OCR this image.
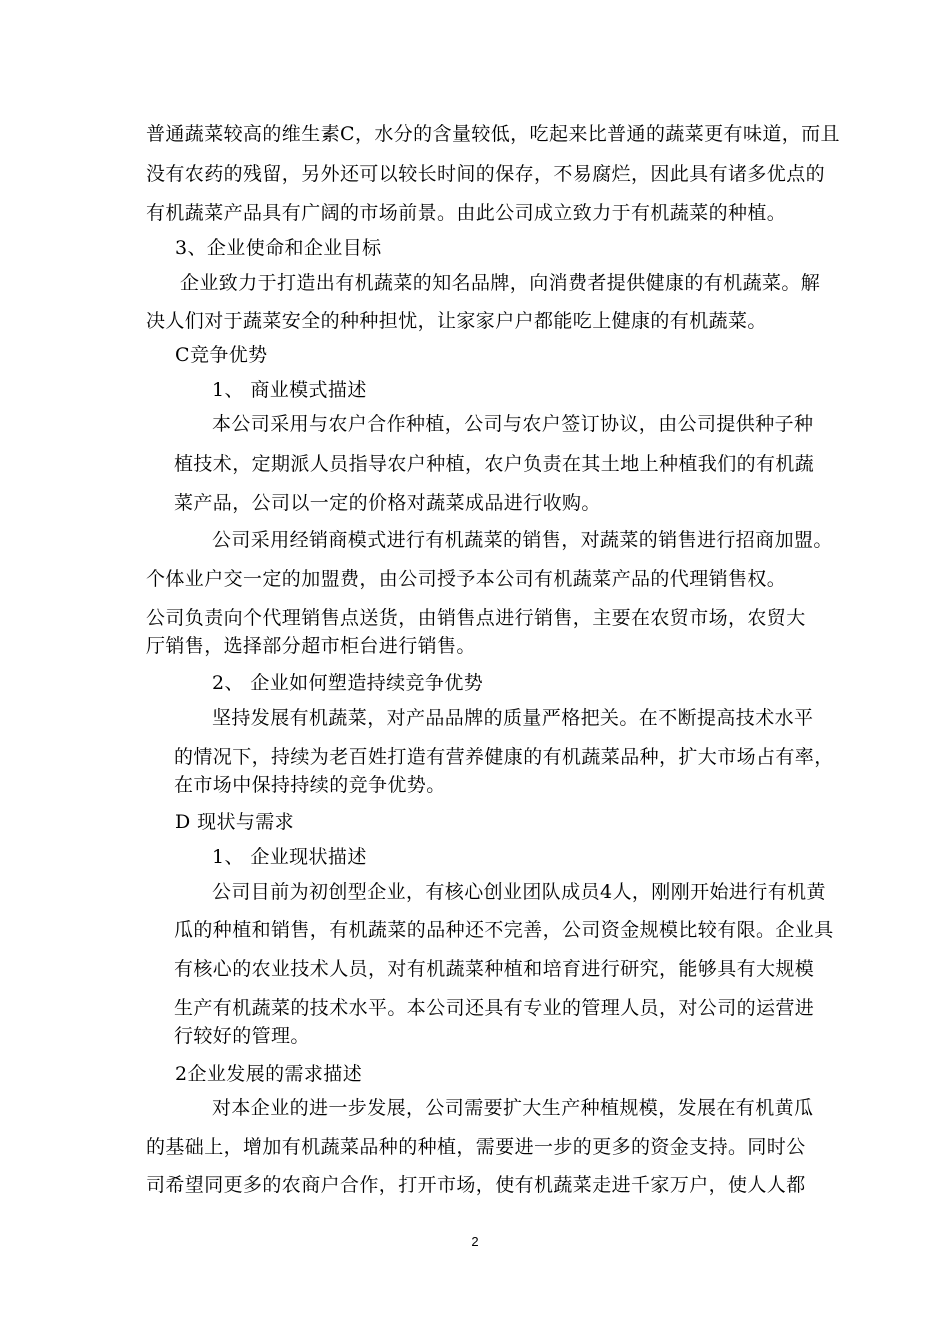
普通蔬菜较高的维生素C，水分的含量较低，吃起来比普通的蔬菜更有味道，而且
没有农药的残留，另外还可以较长时间的保存，不易腐烂，因此具有诸多优点的
有机蔬菜产品具有广阔的市场前景。由此公司成立致力于有机蔬菜的种植。
3、企业使命和企业目标
企业致力于打造出有机蔬菜的知名品牌，向消费者提供健康的有机蔬菜。解
决人们对于蔬菜安全的种种担忧，让家家户户都能吃上健康的有机蔬菜。
C竞争优势
1、 商业模式描述
本公司采用与农户合作种植，公司与农户签订协议，由公司提供种子种
植技术，定期派人员指导农户种植，农户负责在其土地上种植我们的有机蔬
菜产品，公司以一定的价格对蔬菜成品进行收购。
公司采用经销商模式进行有机蔬菜的销售，对蔬菜的销售进行招商加盟。
个体业户交一定的加盟费，由公司授予本公司有机蔬菜产品的代理销售权。
公司负责向个代理销售点送货，由销售点进行销售，主要在农贸市场，农贸大
厅销售，选择部分超市柜台进行销售。
2、 企业如何塑造持续竞争优势
坚持发展有机蔬菜，对产品品牌的质量严格把关。在不断提高技术水平
的情况下，持续为老百姓打造有营养健康的有机蔬菜品种，扩大市场占有率，
在市场中保持持续的竞争优势。
D 现状与需求
1、 企业现状描述
公司目前为初创型企业，有核心创业团队成员4人，刚刚开始进行有机黄
瓜的种植和销售，有机蔬菜的品种还不完善，公司资金规模比较有限。企业具
有核心的农业技术人员，对有机蔬菜种植和培育进行研究，能够具有大规模
生产有机蔬菜的技术水平。本公司还具有专业的管理人员，对公司的运营进
行较好的管理。
2企业发展的需求描述
对本企业的进一步发展，公司需要扩大生产种植规模，发展在有机黄瓜
的基础上，增加有机蔬菜品种的种植，需要进一步的更多的资金支持。同时公
司希望同更多的农商户合作，打开市场，使有机蔬菜走进千家万户，使人人都
2
